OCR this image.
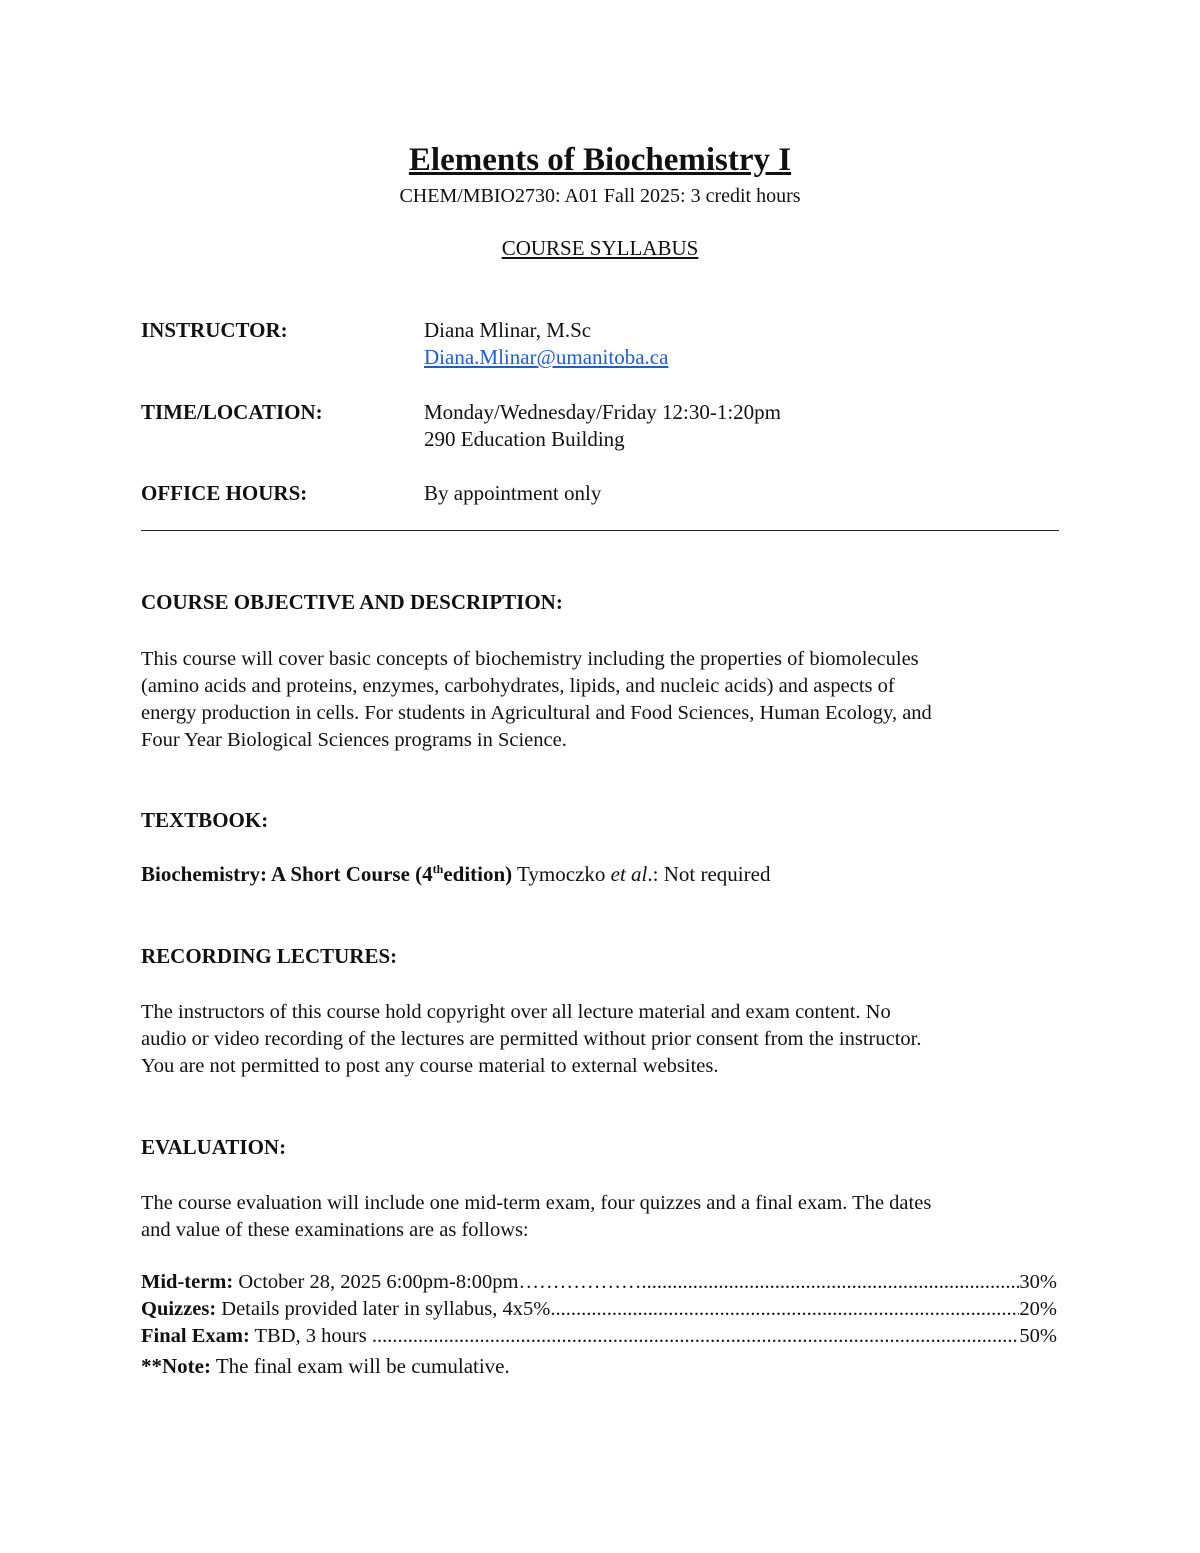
Elements of Biochemistry I
CHEM/MBIO2730: A01 Fall 2025: 3 credit hours
COURSE SYLLABUS
INSTRUCTOR:	Diana Mlinar, M.Sc
Diana.Mlinar@umanitoba.ca
TIME/LOCATION:	Monday/Wednesday/Friday 12:30-1:20pm
290 Education Building
OFFICE HOURS:	By appointment only
COURSE OBJECTIVE AND DESCRIPTION:
This course will cover basic concepts of biochemistry including the properties of biomolecules
(amino acids and proteins, enzymes, carbohydrates, lipids, and nucleic acids) and aspects of
energy production in cells. For students in Agricultural and Food Sciences, Human Ecology, and
Four Year Biological Sciences programs in Science.
TEXTBOOK:
Biochemistry: A Short Course (4thedition) Tymoczko et al.: Not required
RECORDING LECTURES:
The instructors of this course hold copyright over all lecture material and exam content. No
audio or video recording of the lectures are permitted without prior consent from the instructor.
You are not permitted to post any course material to external websites.
EVALUATION:
The course evaluation will include one mid-term exam, four quizzes and a final exam. The dates
and value of these examinations are as follows:
Mid-term: October 28, 2025 6:00pm-8:00pm……………… .....	30%
Quizzes: Details provided later in syllabus, 4x5% .....	20%
Final Exam: TBD, 3 hours .....	50%
**Note: The final exam will be cumulative.
